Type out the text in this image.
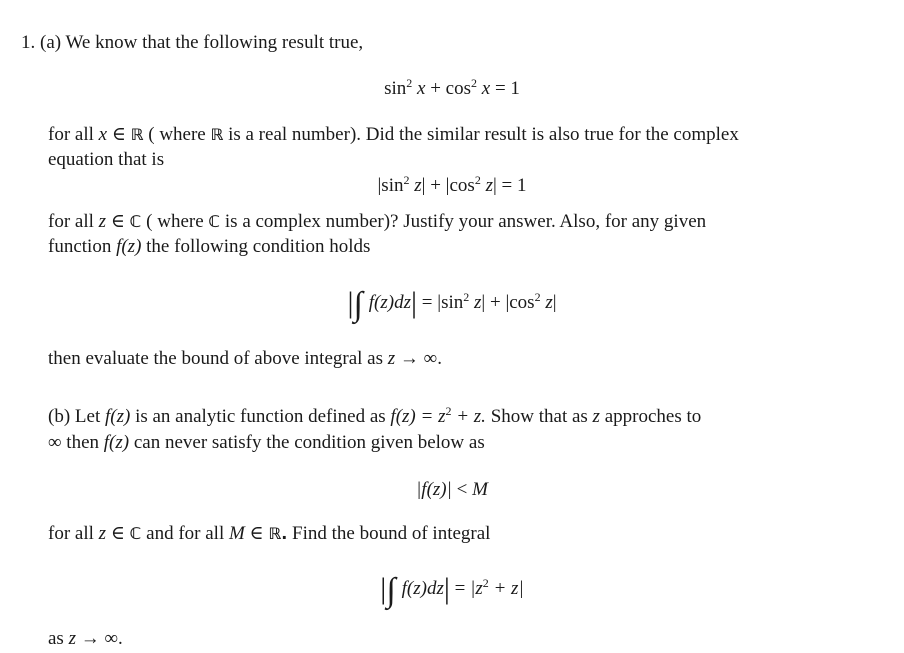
1. (a) We know that the following result true,
$\sin^2 x + \cos^2 x = 1$
for all x ∈ ℝ ( where ℝ is a real number). Did the similar result is also true for the complex
equation that is
$|\sin^2$ $z| + |\cos^2$ z| = 1
for all z ∈ ℂ ( where ℂ is a complex number)? Justify your answer. Also, for any given
function f(z) the following condition holds
|∫ $f(z)dz| = |\sin^2$ $z| + |\cos^2$ z|
then evaluate the bound of above integral as z → ∞.
(b) Let f(z) is an analytic function defined as $f(z) = z^2 + z$. Show that as z approches to
∞ then f(z) can never satisfy the condition given below as
|f(z)| < M
for all z ∈ ℂ and for all M ∈ ℝ. Find the bound of integral
|∫ $f(z)dz| = |z^2 + z|$
as z → ∞.
